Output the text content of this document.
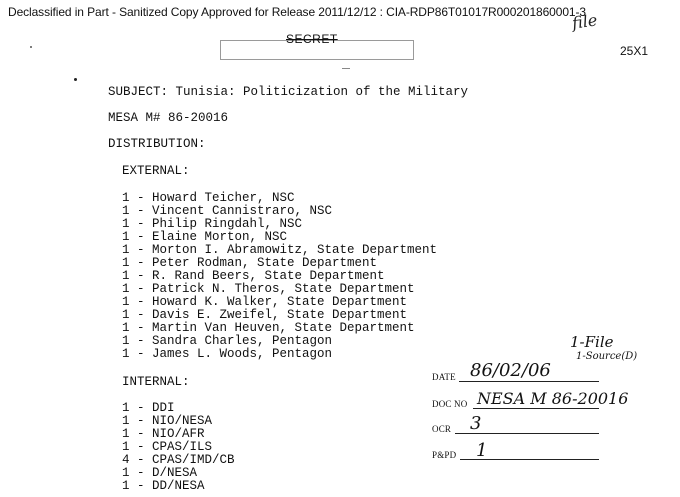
Declassified in Part - Sanitized Copy Approved for Release 2011/12/12 : CIA-RDP86T01017R000201860001-3
file
SECRET
25X1
SUBJECT: Tunisia: Politicization of the Military
MESA M# 86-20016
DISTRIBUTION:
EXTERNAL:
1 - Howard Teicher, NSC
1 - Vincent Cannistraro, NSC
1 - Philip Ringdahl, NSC
1 - Elaine Morton, NSC
1 - Morton I. Abramowitz, State Department
1 - Peter Rodman, State Department
1 - R. Rand Beers, State Department
1 - Patrick N. Theros, State Department
1 - Howard K. Walker, State Department
1 - Davis E. Zweifel, State Department
1 - Martin Van Heuven, State Department
1 - Sandra Charles, Pentagon
1 - James L. Woods, Pentagon
1-File
1-Source(D)
INTERNAL:
1 - DDI
1 - NIO/NESA
1 - NIO/AFR
1 - CPAS/ILS
4 - CPAS/IMD/CB
1 - D/NESA
1 - DD/NESA
DATE 86/02/06
DOC NO NESA M 86-20016
OCR 3
P&PD 1
